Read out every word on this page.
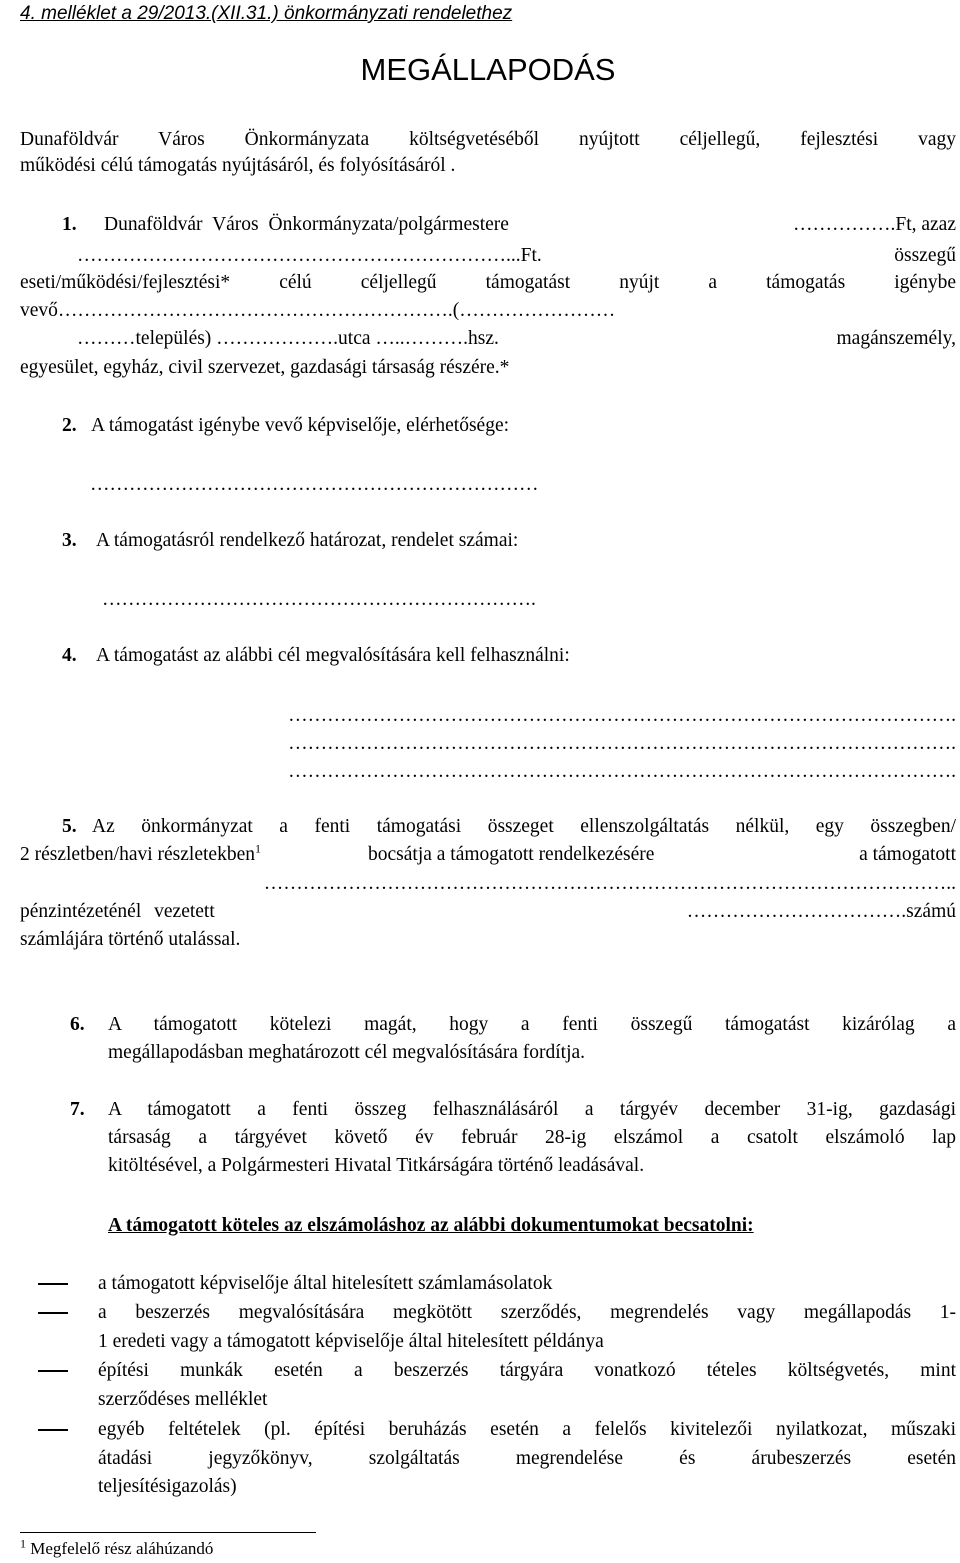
4. melléklet a 29/2013.(XII.31.) önkormányzati rendelethez
MEGÁLLAPODÁS
Dunaföldvár Város Önkormányzata költségvetéséből nyújtott céljellegű, fejlesztési vagy
működési célú támogatás nyújtásáról, és folyósításáról .
1. Dunaföldvár Város Önkormányzata/polgármestere	…………….Ft, azaz
…………………………………………………………...Ft.	összegű
eseti/működési/fejlesztési* célú céljellegű támogatást nyújt a támogatás igénybe
vevő…………………………………………………….(……………………
………település) ……………….utca …..……….hsz.	magánszemély,
egyesület, egyház, civil szervezet, gazdasági társaság részére.*
2. A támogatást igénybe vevő képviselője, elérhetősége:
……………………………………………………………
3. A támogatásról rendelkező határozat, rendelet számai:
………………………………………………………….
4. A támogatást az alábbi cél megvalósítására kell felhasználni:
………………………………………………………………………………………….
………………………………………………………………………………………….
………………………………………………………………………………………….
5. Az önkormányzat a fenti támogatási összeget ellenszolgáltatás nélkül, egy összegben/
2 részletben/havi részletekben$^1$	bocsátja a támogatott rendelkezésére	a támogatott
……………………………………………………………………………………………..
pénzintézeténél vezetett	…………………………….számú
számlájára történő utalással.
6. A támogatott kötelezi magát, hogy a fenti összegű támogatást kizárólag a
megállapodásban meghatározott cél megvalósítására fordítja.
7. A támogatott a fenti összeg felhasználásáról a tárgyév december 31-ig, gazdasági
társaság a tárgyévet követő év február 28-ig elszámol a csatolt elszámoló lap
kitöltésével, a Polgármesteri Hivatal Titkárságára történő leadásával.
A támogatott köteles az elszámoláshoz az alábbi dokumentumokat becsatolni:
a támogatott képviselője által hitelesített számlamásolatok
a beszerzés megvalósítására megkötött szerződés, megrendelés vagy megállapodás 1-
1 eredeti vagy a támogatott képviselője által hitelesített példánya
építési munkák esetén a beszerzés tárgyára vonatkozó tételes költségvetés, mint
szerződéses melléklet
egyéb feltételek (pl. építési beruházás esetén a felelős kivitelezői nyilatkozat, műszaki
átadási jegyzőkönyv, szolgáltatás megrendelése és árubeszerzés esetén
teljesítésigazolás)
$^1$ Megfelelő rész aláhúzandó
